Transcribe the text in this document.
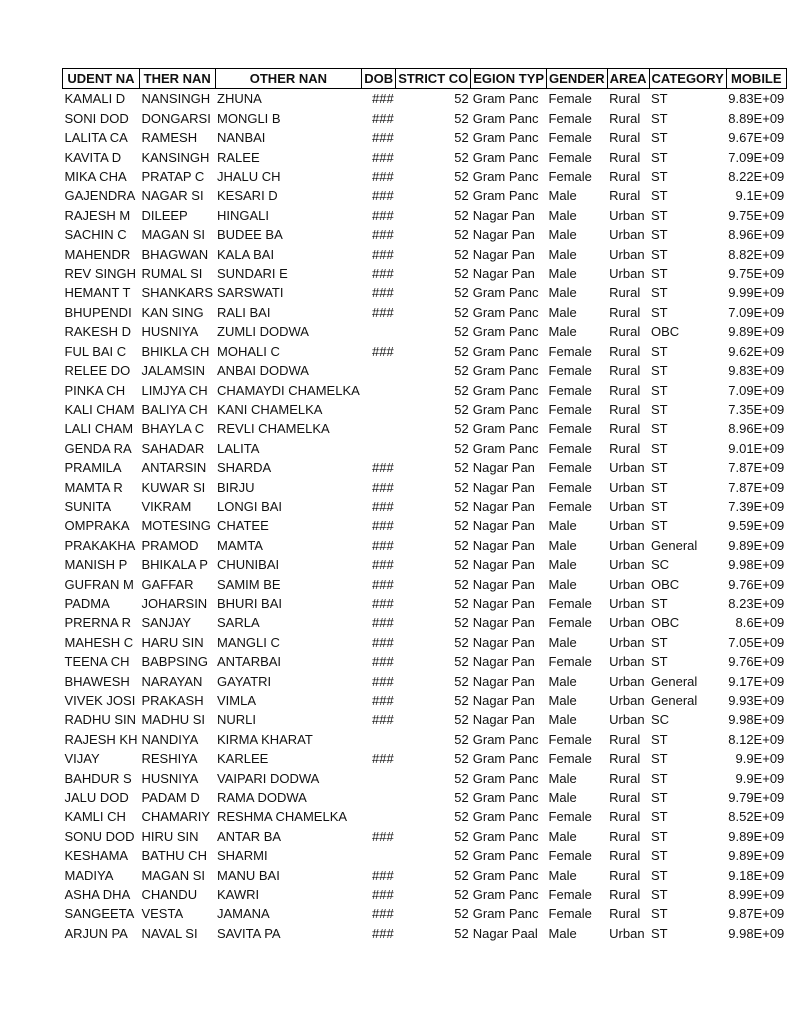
UDENT NA	THER NAN	OTHER NAN	DOB	STRICT CO	EGION TYP	GENDER	AREA	CATEGORY	MOBILE
KAMALI D	NANSINGH	ZHUNA	###	52	Gram Panc	Female	Rural	ST	9.83E+09
SONI DOD	DONGARSI	MONGLI B	###	52	Gram Panc	Female	Rural	ST	8.89E+09
LALITA CA	RAMESH	NANBAI	###	52	Gram Panc	Female	Rural	ST	9.67E+09
KAVITA D	KANSINGH	RALEE	###	52	Gram Panc	Female	Rural	ST	7.09E+09
MIKA CHA	PRATAP C	JHALU CH	###	52	Gram Panc	Female	Rural	ST	8.22E+09
GAJENDRA	NAGAR SI	KESARI D	###	52	Gram Panc	Male	Rural	ST	9.1E+09
RAJESH M	DILEEP	HINGALI	###	52	Nagar Pan	Male	Urban	ST	9.75E+09
SACHIN C	MAGAN SI	BUDEE BA	###	52	Nagar Pan	Male	Urban	ST	8.96E+09
MAHENDR	BHAGWAN	KALA BAI	###	52	Nagar Pan	Male	Urban	ST	8.82E+09
REV SINGH	RUMAL SI	SUNDARI E	###	52	Nagar Pan	Male	Urban	ST	9.75E+09
HEMANT T	SHANKARS	SARSWATI	###	52	Gram Panc	Male	Rural	ST	9.99E+09
BHUPENDI	KAN SING	RALI BAI	###	52	Gram Panc	Male	Rural	ST	7.09E+09
RAKESH D	HUSNIYA	ZUMLI DODWA		52	Gram Panc	Male	Rural	OBC	9.89E+09
FUL BAI C	BHIKLA CH	MOHALI C	###	52	Gram Panc	Female	Rural	ST	9.62E+09
RELEE DO	JALAMSIN	ANBAI DODWA		52	Gram Panc	Female	Rural	ST	9.83E+09
PINKA CH	LIMJYA CH	CHAMAYDI CHAMELKA		52	Gram Panc	Female	Rural	ST	7.09E+09
KALI CHAM	BALIYA CH	KANI CHAMELKA		52	Gram Panc	Female	Rural	ST	7.35E+09
LALI CHAM	BHAYLA C	REVLI CHAMELKA		52	Gram Panc	Female	Rural	ST	8.96E+09
GENDA RA	SAHADAR	LALITA		52	Gram Panc	Female	Rural	ST	9.01E+09
PRAMILA	ANTARSIN	SHARDA	###	52	Nagar Pan	Female	Urban	ST	7.87E+09
MAMTA R	KUWAR SI	BIRJU	###	52	Nagar Pan	Female	Urban	ST	7.87E+09
SUNITA	VIKRAM	LONGI BAI	###	52	Nagar Pan	Female	Urban	ST	7.39E+09
OMPRAKA	MOTESING	CHATEE	###	52	Nagar Pan	Male	Urban	ST	9.59E+09
PRAKAKHA	PRAMOD	MAMTA	###	52	Nagar Pan	Male	Urban	General	9.89E+09
MANISH P	BHIKALA P	CHUNIBAI	###	52	Nagar Pan	Male	Urban	SC	9.98E+09
GUFRAN M	GAFFAR	SAMIM BE	###	52	Nagar Pan	Male	Urban	OBC	9.76E+09
PADMA	JOHARSIN	BHURI BAI	###	52	Nagar Pan	Female	Urban	ST	8.23E+09
PRERNA R	SANJAY	SARLA	###	52	Nagar Pan	Female	Urban	OBC	8.6E+09
MAHESH C	HARU SIN	MANGLI C	###	52	Nagar Pan	Male	Urban	ST	7.05E+09
TEENA CH	BABPSING	ANTARBAI	###	52	Nagar Pan	Female	Urban	ST	9.76E+09
BHAWESH	NARAYAN	GAYATRI	###	52	Nagar Pan	Male	Urban	General	9.17E+09
VIVEK JOSI	PRAKASH	VIMLA	###	52	Nagar Pan	Male	Urban	General	9.93E+09
RADHU SIN	MADHU SI	NURLI	###	52	Nagar Pan	Male	Urban	SC	9.98E+09
RAJESH KH	NANDIYA	KIRMA KHARAT		52	Gram Panc	Female	Rural	ST	8.12E+09
VIJAY	RESHIYA	KARLEE	###	52	Gram Panc	Female	Rural	ST	9.9E+09
BAHDUR S	HUSNIYA	VAIPARI DODWA		52	Gram Panc	Male	Rural	ST	9.9E+09
JALU DOD	PADAM D	RAMA DODWA		52	Gram Panc	Male	Rural	ST	9.79E+09
KAMLI CH	CHAMARIY	RESHMA CHAMELKA		52	Gram Panc	Female	Rural	ST	8.52E+09
SONU DOD	HIRU SIN	ANTAR BA	###	52	Gram Panc	Male	Rural	ST	9.89E+09
KESHAMA	BATHU CH	SHARMI		52	Gram Panc	Female	Rural	ST	9.89E+09
MADIYA	MAGAN SI	MANU BAI	###	52	Gram Panc	Male	Rural	ST	9.18E+09
ASHA DHA	CHANDU	KAWRI	###	52	Gram Panc	Female	Rural	ST	8.99E+09
SANGEETA	VESTA	JAMANA	###	52	Gram Panc	Female	Rural	ST	9.87E+09
ARJUN PA	NAVAL SI	SAVITA PA	###	52	Nagar Paal	Male	Urban	ST	9.98E+09
